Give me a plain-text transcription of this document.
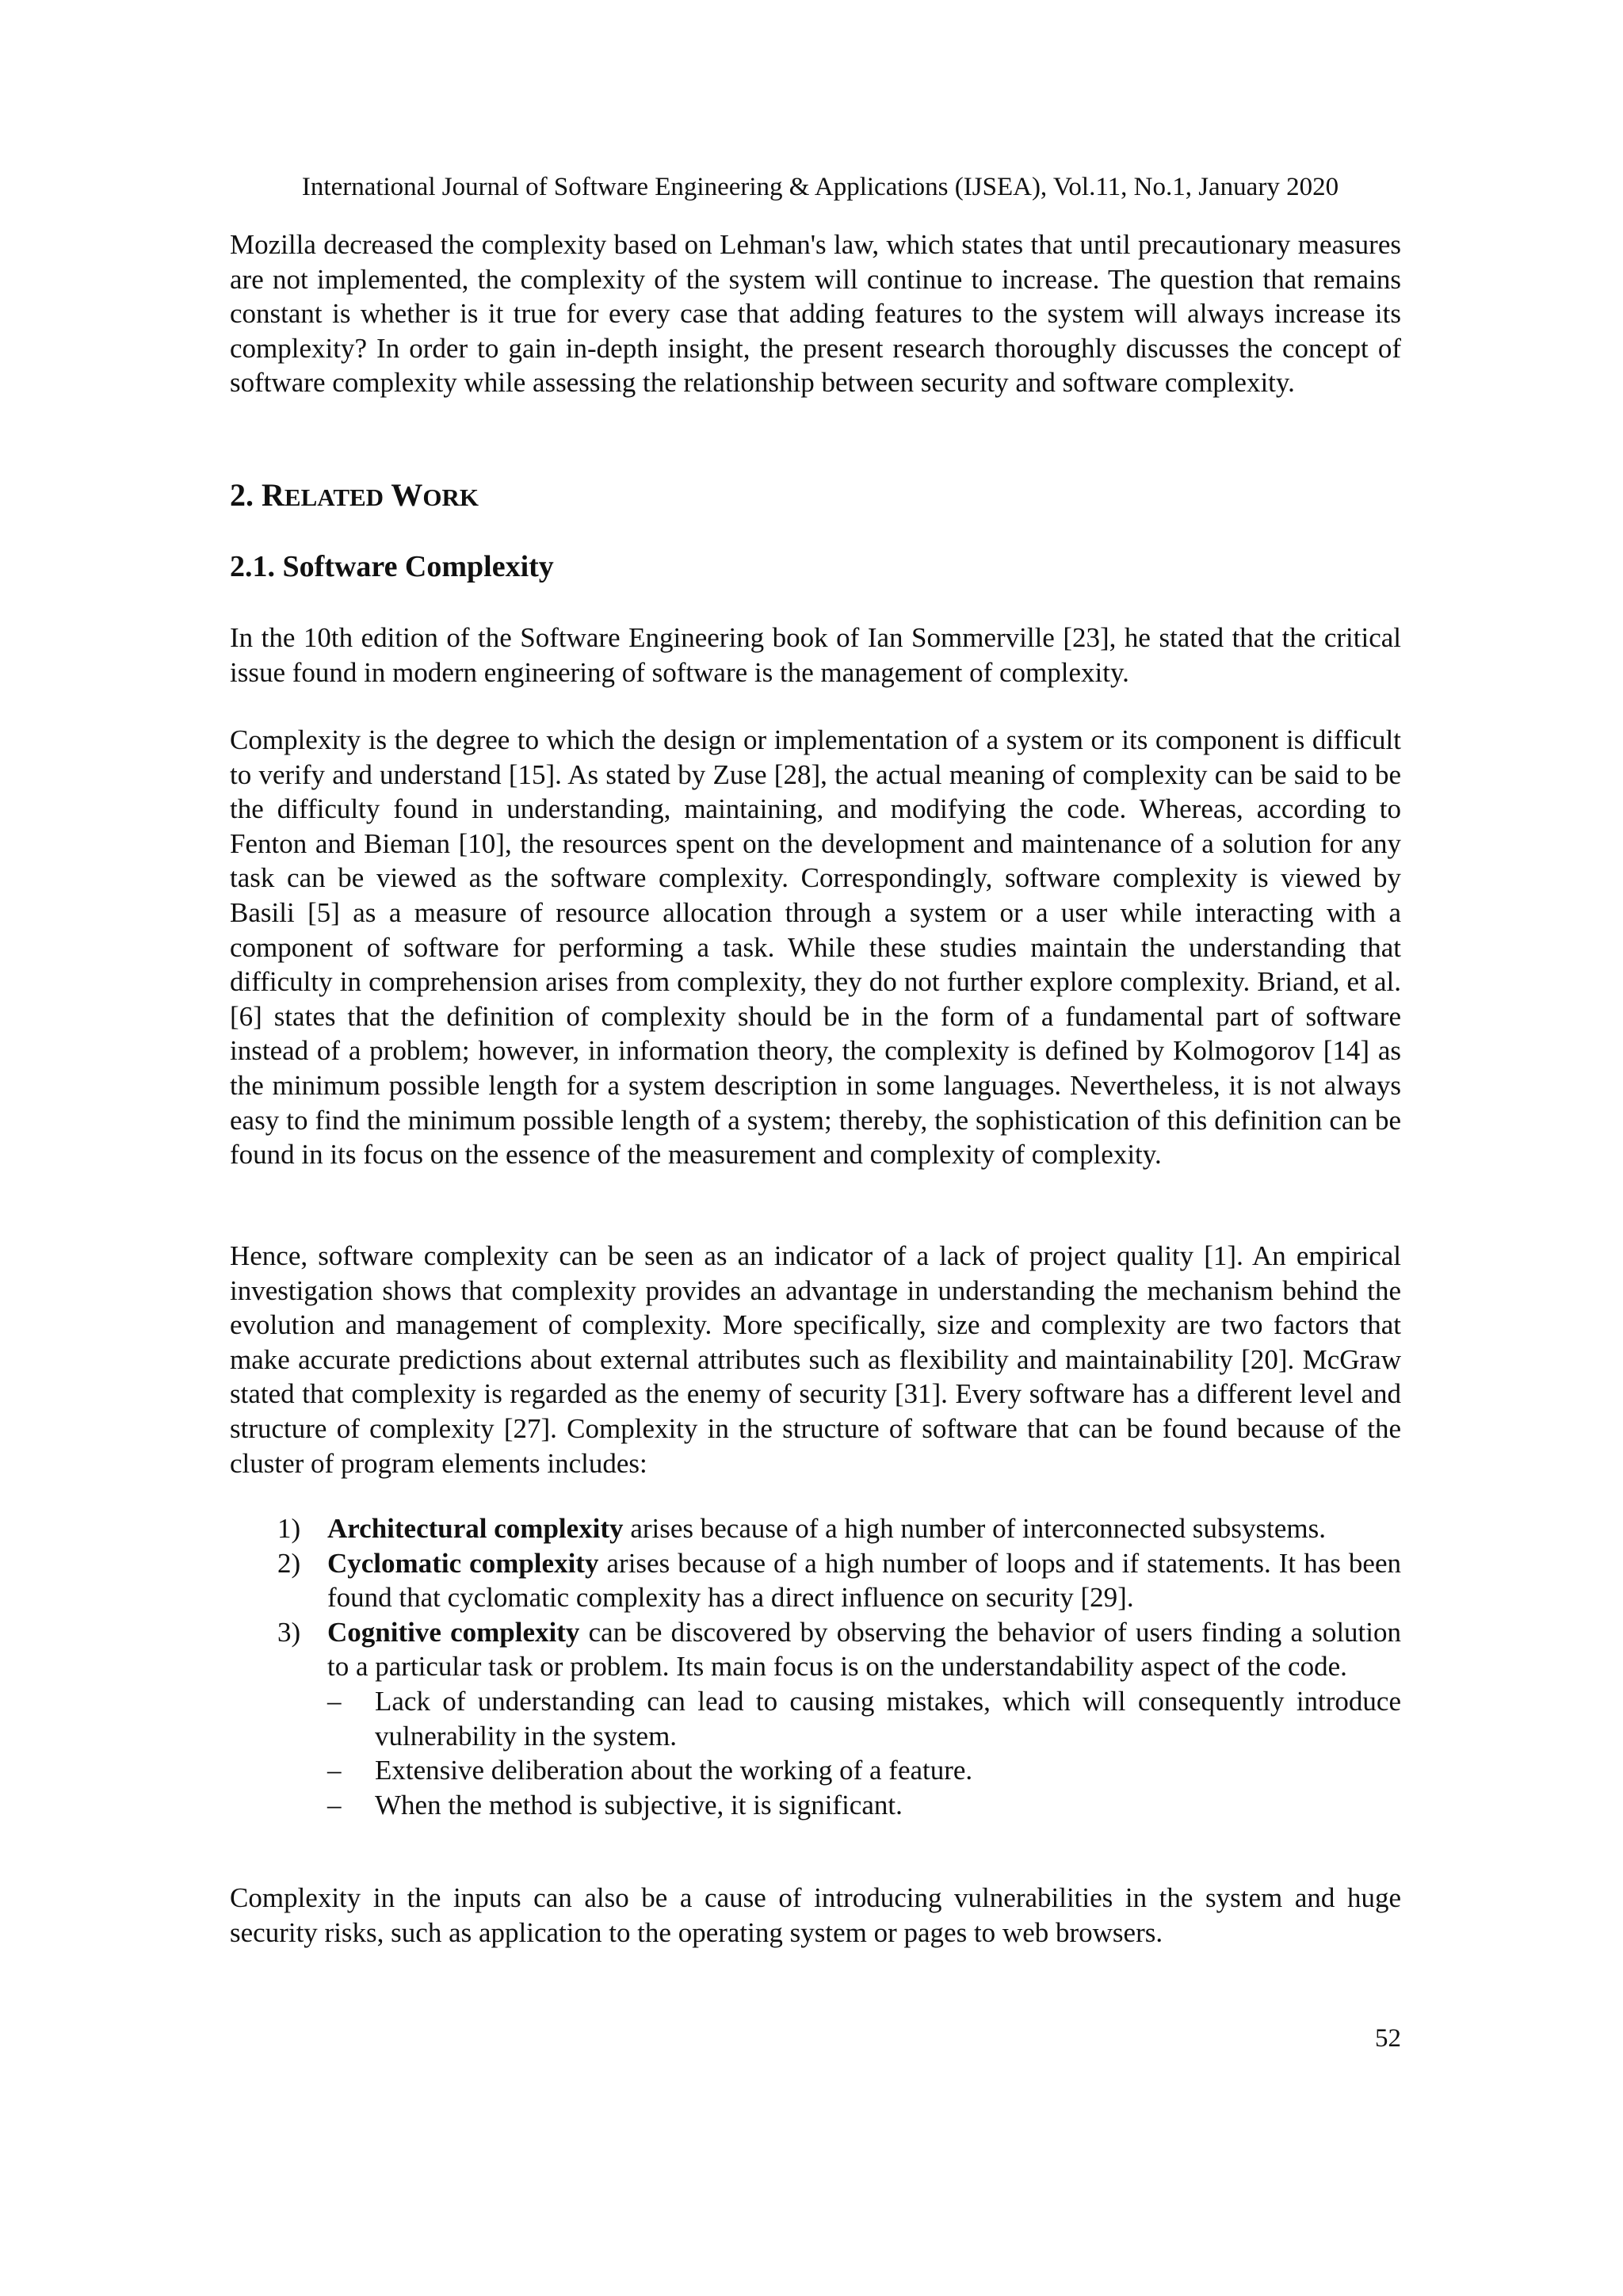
International Journal of Software Engineering & Applications (IJSEA), Vol.11, No.1, January 2020

Mozilla decreased the complexity based on Lehman's law, which states that until precautionary measures are not implemented, the complexity of the system will continue to increase. The question that remains constant is whether is it true for every case that adding features to the system will always increase its complexity? In order to gain in-depth insight, the present research thoroughly discusses the concept of software complexity while assessing the relationship between security and software complexity.

2. RELATED WORK
2.1. Software Complexity

In the 10th edition of the Software Engineering book of Ian Sommerville [23], he stated that the critical issue found in modern engineering of software is the management of complexity.

Complexity is the degree to which the design or implementation of a system or its component is difficult to verify and understand [15]. As stated by Zuse [28], the actual meaning of complexity can be said to be the difficulty found in understanding, maintaining, and modifying the code. Whereas, according to Fenton and Bieman [10], the resources spent on the development and maintenance of a solution for any task can be viewed as the software complexity. Correspondingly, software complexity is viewed by Basili [5] as a measure of resource allocation through a system or a user while interacting with a component of software for performing a task. While these studies maintain the understanding that difficulty in comprehension arises from complexity, they do not further explore complexity. Briand, et al. [6] states that the definition of complexity should be in the form of a fundamental part of software instead of a problem; however, in information theory, the complexity is defined by Kolmogorov [14] as the minimum possible length for a system description in some languages. Nevertheless, it is not always easy to find the minimum possible length of a system; thereby, the sophistication of this definition can be found in its focus on the essence of the measurement and complexity of complexity.

Hence, software complexity can be seen as an indicator of a lack of project quality [1]. An empirical investigation shows that complexity provides an advantage in understanding the mechanism behind the evolution and management of complexity. More specifically, size and complexity are two factors that make accurate predictions about external attributes such as flexibility and maintainability [20]. McGraw stated that complexity is regarded as the enemy of security [31]. Every software has a different level and structure of complexity [27]. Complexity in the structure of software that can be found because of the cluster of program elements includes:

1) Architectural complexity arises because of a high number of interconnected subsystems.
2) Cyclomatic complexity arises because of a high number of loops and if statements. It has been found that cyclomatic complexity has a direct influence on security [29].
3) Cognitive complexity can be discovered by observing the behavior of users finding a solution to a particular task or problem. Its main focus is on the understandability aspect of the code.
– Lack of understanding can lead to causing mistakes, which will consequently introduce vulnerability in the system.
– Extensive deliberation about the working of a feature.
– When the method is subjective, it is significant.

Complexity in the inputs can also be a cause of introducing vulnerabilities in the system and huge security risks, such as application to the operating system or pages to web browsers.

52
